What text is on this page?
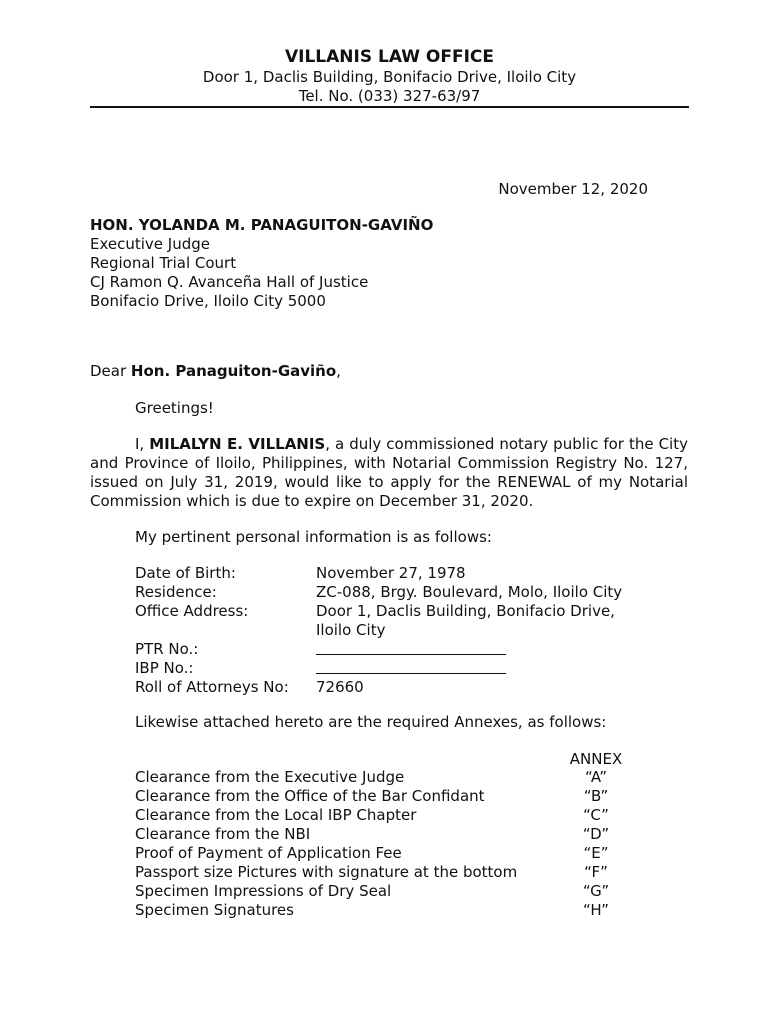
VILLANIS LAW OFFICE
Door 1, Daclis Building, Bonifacio Drive, Iloilo City
Tel. No. (033) 327-63/97
November 12, 2020
HON. YOLANDA M. PANAGUITON-GAVIÑO
Executive Judge
Regional Trial Court
CJ Ramon Q. Avanceña Hall of Justice
Bonifacio Drive, Iloilo City 5000
Dear Hon. Panaguiton-Gaviño,
Greetings!
I, MILALYN E. VILLANIS, a duly commissioned notary public for the City and Province of Iloilo, Philippines, with Notarial Commission Registry No. 127, issued on July 31, 2019, would like to apply for the RENEWAL of my Notarial Commission which is due to expire on December 31, 2020.
My pertinent personal information is as follows:
Date of Birth:	November 27, 1978
Residence:	ZC-088, Brgy. Boulevard, Molo, Iloilo City
Office Address:	Door 1, Daclis Building, Bonifacio Drive,
Iloilo City
PTR No.:
IBP No.:
Roll of Attorneys No:	72660
Likewise attached hereto are the required Annexes, as follows:
ANNEX
Clearance from the Executive Judge	“A”
Clearance from the Office of the Bar Confidant	“B”
Clearance from the Local IBP Chapter	“C”
Clearance from the NBI	“D”
Proof of Payment of Application Fee	“E”
Passport size Pictures with signature at the bottom	“F”
Specimen Impressions of Dry Seal	“G”
Specimen Signatures	“H”
